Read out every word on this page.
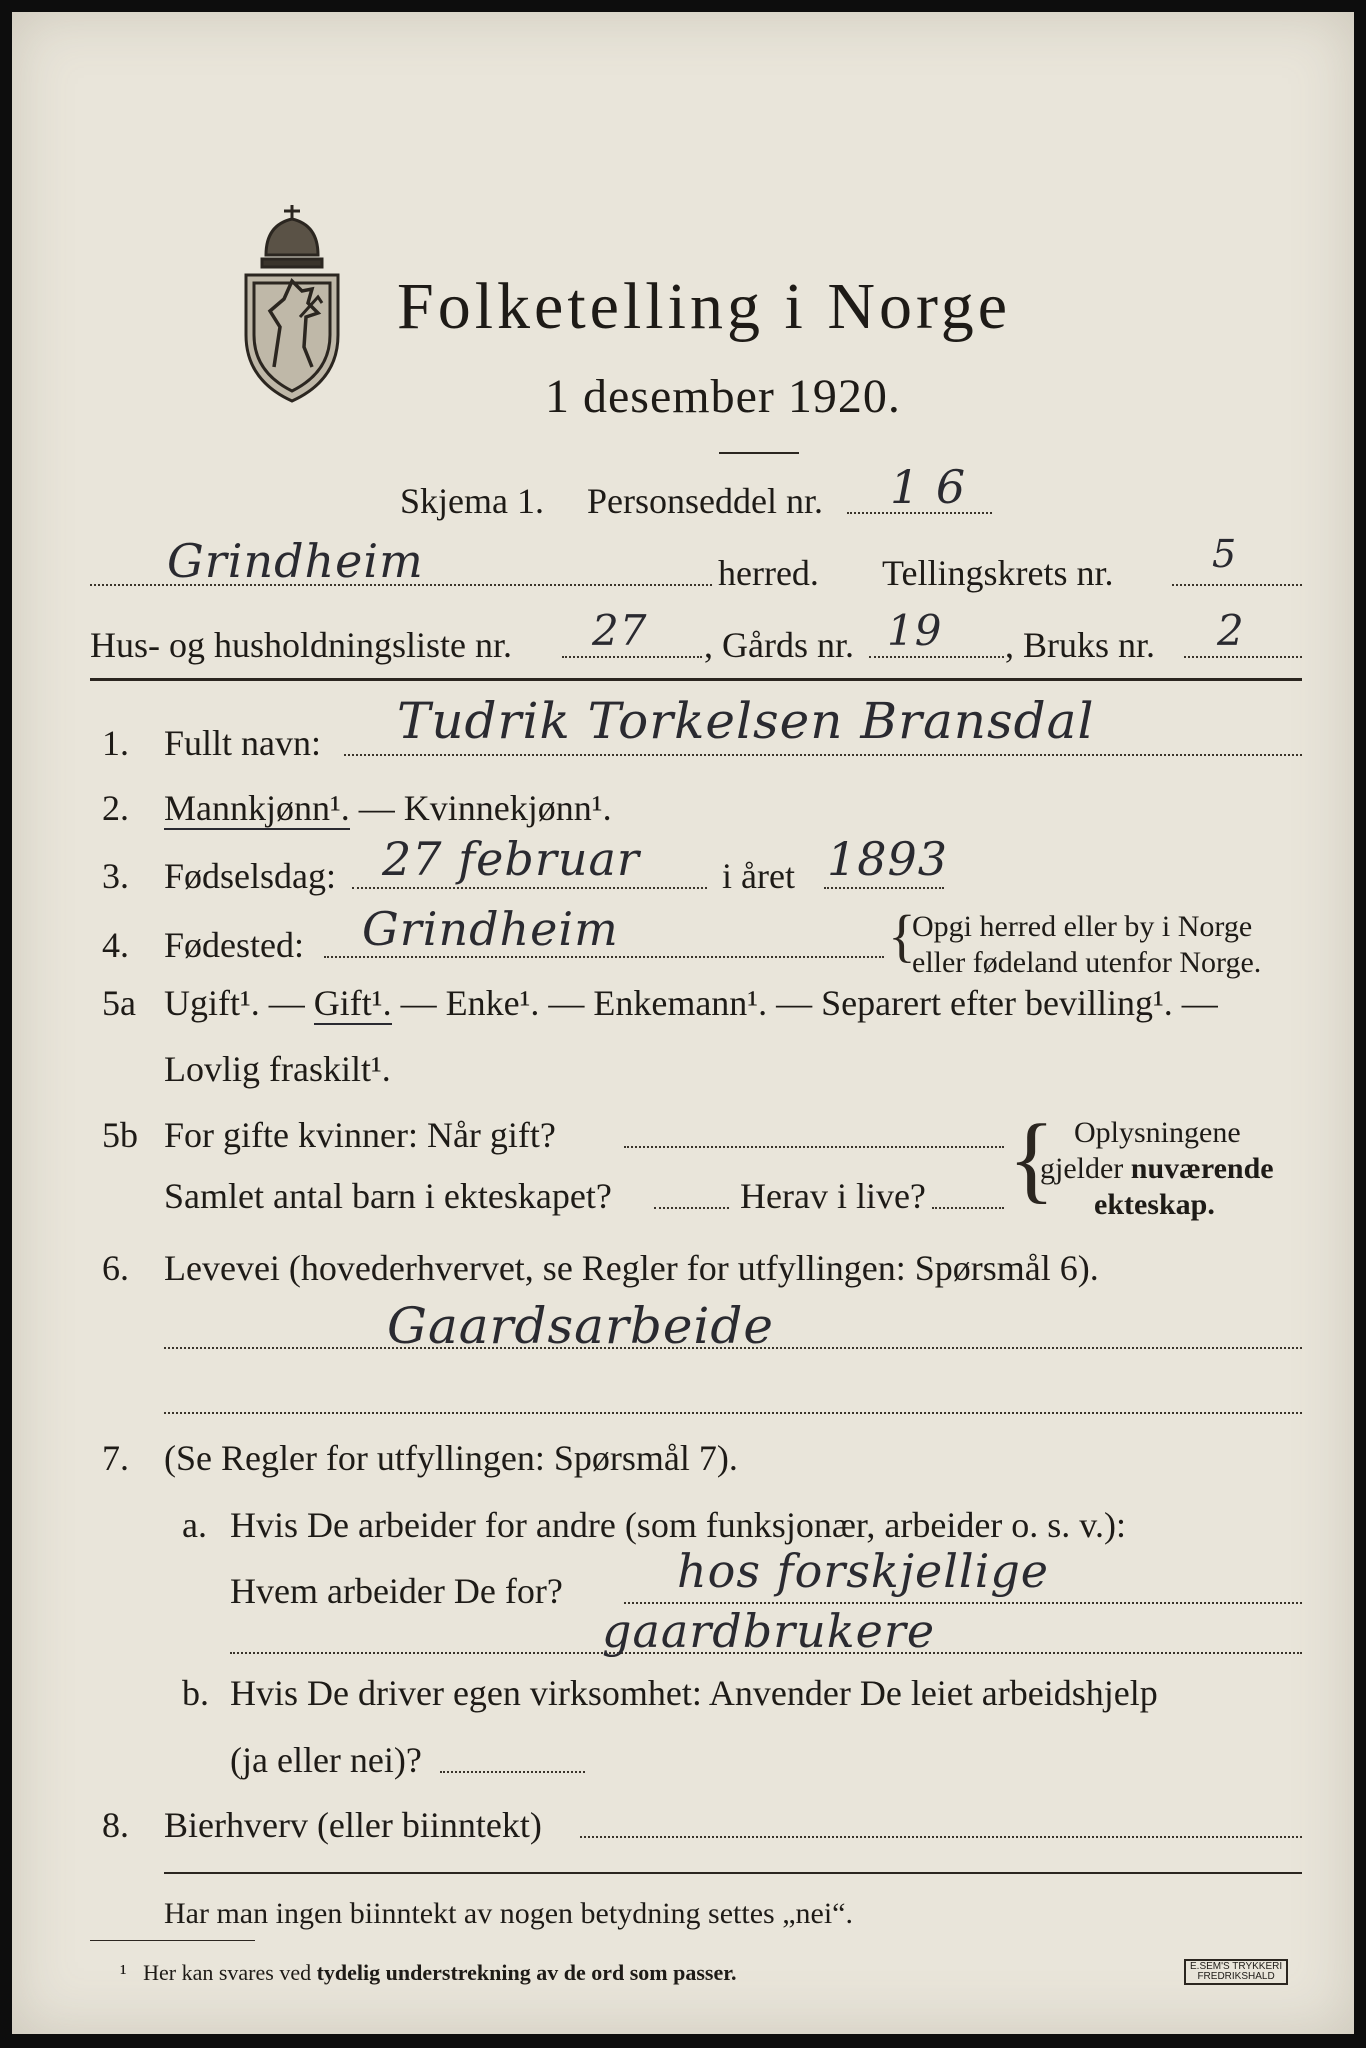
Folketelling i Norge
1 desember 1920.
Skjema 1. Personseddel nr. 1 6
Grindheim	herred. Tellingskrets nr.	5
Hus- og husholdningsliste nr. 27 , Gårds nr. 19 , Bruks nr. 2
1. Fullt navn: Tudrik Torkelsen Bransdal
2. Mannkjønn¹. — Kvinnekjønn¹.
3. Fødselsdag: 27 februar i året 1893
4. Fødested: Grindheim	{
Opgi herred eller by i Norge
eller fødeland utenfor Norge.
5a Ugift¹. — Gift¹. — Enke¹. — Enkemann¹. — Separert efter bevilling¹. —
Lovlig fraskilt¹.
5b For gifte kvinner: Når gift?
Samlet antal barn i ekteskapet?	Herav i live? { Oplysningene
gjelder nuværende
ekteskap.
6. Levevei (hovederhvervet, se Regler for utfyllingen: Spørsmål 6).
Gaardsarbeide
7. (Se Regler for utfyllingen: Spørsmål 7).
a. Hvis De arbeider for andre (som funksjonær, arbeider o. s. v.):
Hvem arbeider De for? hos forskjellige
gaardbrukere
b. Hvis De driver egen virksomhet: Anvender De leiet arbeidshjelp
(ja eller nei)?
8. Bierhverv (eller biinntekt)
Har man ingen biinntekt av nogen betydning settes „nei“.
¹ Her kan svares ved tydelig understrekning av de ord som passer.	E.SEM'S TRYKKERI
FREDRIKSHALD
